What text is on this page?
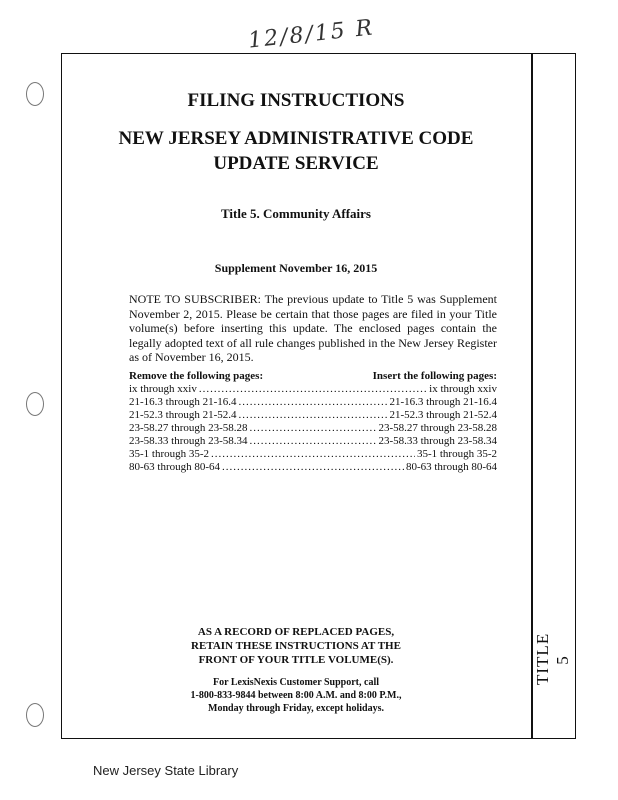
12/8/15 R
TITLE 5
FILING INSTRUCTIONS
NEW JERSEY ADMINISTRATIVE CODE
UPDATE SERVICE
Title 5. Community Affairs
Supplement November 16, 2015
NOTE TO SUBSCRIBER: The previous update to Title 5 was Supplement November 2, 2015. Please be certain that those pages are filed in your Title volume(s) before inserting this update. The enclosed pages contain the legally adopted text of all rule changes published in the New Jersey Register as of November 16, 2015.
Remove the following pages:	Insert the following pages:
ix through xxiv .....	ix through xxiv
21-16.3 through 21-16.4 .....	21-16.3 through 21-16.4
21-52.3 through 21-52.4 .....	21-52.3 through 21-52.4
23-58.27 through 23-58.28 .....	23-58.27 through 23-58.28
23-58.33 through 23-58.34 .....	23-58.33 through 23-58.34
35-1 through 35-2 .....	35-1 through 35-2
80-63 through 80-64 .....	80-63 through 80-64
AS A RECORD OF REPLACED PAGES,
RETAIN THESE INSTRUCTIONS AT THE
FRONT OF YOUR TITLE VOLUME(S).
For LexisNexis Customer Support, call
1-800-833-9844 between 8:00 A.M. and 8:00 P.M.,
Monday through Friday, except holidays.
New Jersey State Library
